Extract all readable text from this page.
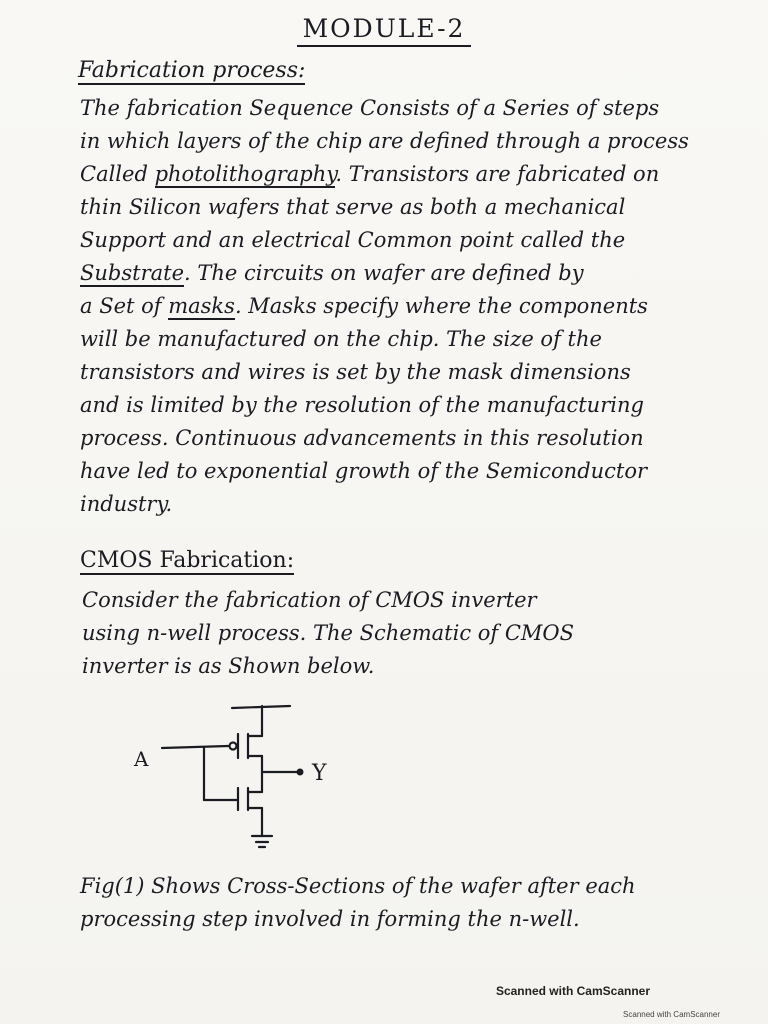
MODULE-2
Fabrication process:
The fabrication Sequence Consists of a Series of steps
in which layers of the chip are defined through a process
Called photolithography. Transistors are fabricated on
thin Silicon wafers that serve as both a mechanical
Support and an electrical Common point called the
Substrate. The circuits on wafer are defined by
a Set of masks. Masks specify where the components
will be manufactured on the chip. The size of the
transistors and wires is set by the mask dimensions
and is limited by the resolution of the manufacturing
process. Continuous advancements in this resolution
have led to exponential growth of the Semiconductor
industry.
CMOS Fabrication:
Consider the fabrication of CMOS inverter
using n-well process. The Schematic of CMOS
inverter is as Shown below.
A
Y
Fig(1) Shows Cross-Sections of the wafer after each
processing step involved in forming the n-well.
Scanned with CamScanner
Scanned with CamScanner
